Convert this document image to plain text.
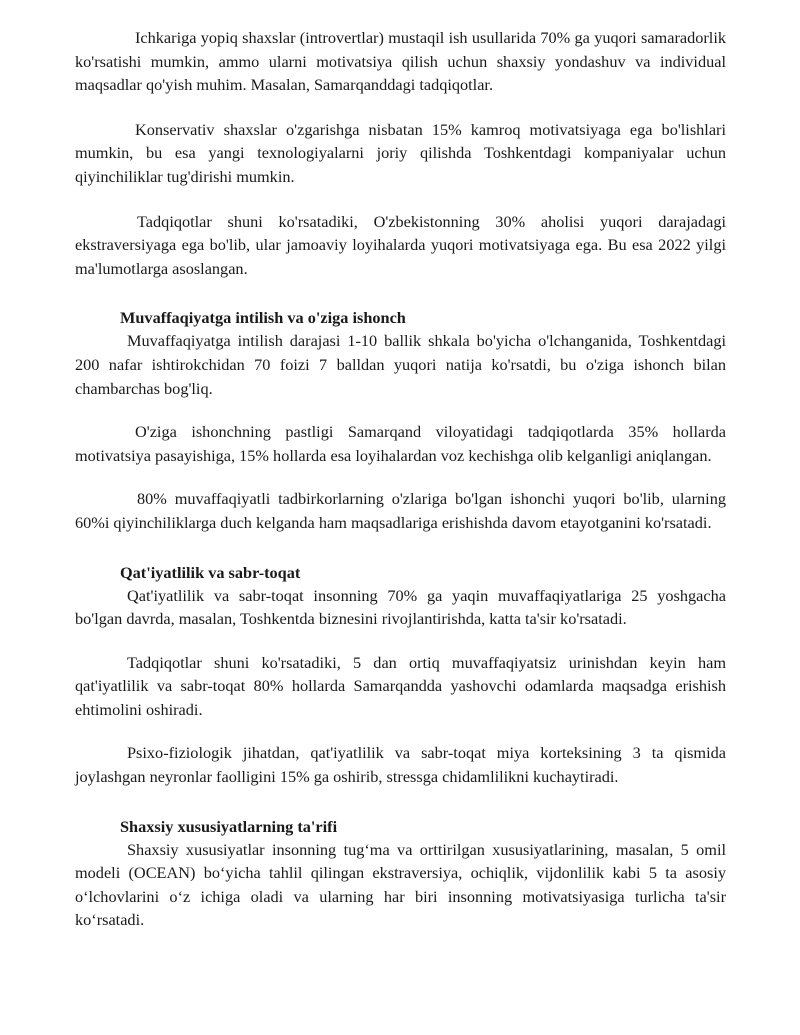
Ichkariga yopiq shaxslar (introvertlar) mustaqil ish usullarida 70% ga yuqori samaradorlik ko'rsatishi mumkin, ammo ularni motivatsiya qilish uchun shaxsiy yondashuv va individual maqsadlar qo'yish muhim. Masalan, Samarqanddagi tadqiqotlar.

Konservativ shaxslar o'zgarishga nisbatan 15% kamroq motivatsiyaga ega bo'lishlari mumkin, bu esa yangi texnologiyalarni joriy qilishda Toshkentdagi kompaniyalar uchun qiyinchiliklar tug'dirishi mumkin.

Tadqiqotlar shuni ko'rsatadiki, O'zbekistonning 30% aholisi yuqori darajadagi ekstraversiyaga ega bo'lib, ular jamoaviy loyihalarda yuqori motivatsiyaga ega. Bu esa 2022 yilgi ma'lumotlarga asoslangan.

Muvaffaqiyatga intilish va o'ziga ishonch

Muvaffaqiyatga intilish darajasi 1-10 ballik shkala bo'yicha o'lchanganida, Toshkentdagi 200 nafar ishtirokchidan 70 foizi 7 balldan yuqori natija ko'rsatdi, bu o'ziga ishonch bilan chambarchas bog'liq.

O'ziga ishonchning pastligi Samarqand viloyatidagi tadqiqotlarda 35% hollarda motivatsiya pasayishiga, 15% hollarda esa loyihalardan voz kechishga olib kelganligi aniqlangan.

80% muvaffaqiyatli tadbirkorlarning o'zlariga bo'lgan ishonchi yuqori bo'lib, ularning 60%i qiyinchiliklarga duch kelganda ham maqsadlariga erishishda davom etayotganini ko'rsatadi.

Qat'iyatlilik va sabr-toqat

Qat'iyatlilik va sabr-toqat insonning 70% ga yaqin muvaffaqiyatlariga 25 yoshgacha bo'lgan davrda, masalan, Toshkentda biznesini rivojlantirishda, katta ta'sir ko'rsatadi.

Tadqiqotlar shuni ko'rsatadiki, 5 dan ortiq muvaffaqiyatsiz urinishdan keyin ham qat'iyatlilik va sabr-toqat 80% hollarda Samarqandda yashovchi odamlarda maqsadga erishish ehtimolini oshiradi.

Psixo-fiziologik jihatdan, qat'iyatlilik va sabr-toqat miya korteksining 3 ta qismida joylashgan neyronlar faolligini 15% ga oshirib, stressga chidamlilikni kuchaytiradi.

Shaxsiy xususiyatlarning ta'rifi

Shaxsiy xususiyatlar insonning tug‘ma va orttirilgan xususiyatlarining, masalan, 5 omil modeli (OCEAN) bo‘yicha tahlil qilingan ekstraversiya, ochiqlik, vijdonlilik kabi 5 ta asosiy o‘lchovlarini o‘z ichiga oladi va ularning har biri insonning motivatsiyasiga turlicha ta'sir ko‘rsatadi.
